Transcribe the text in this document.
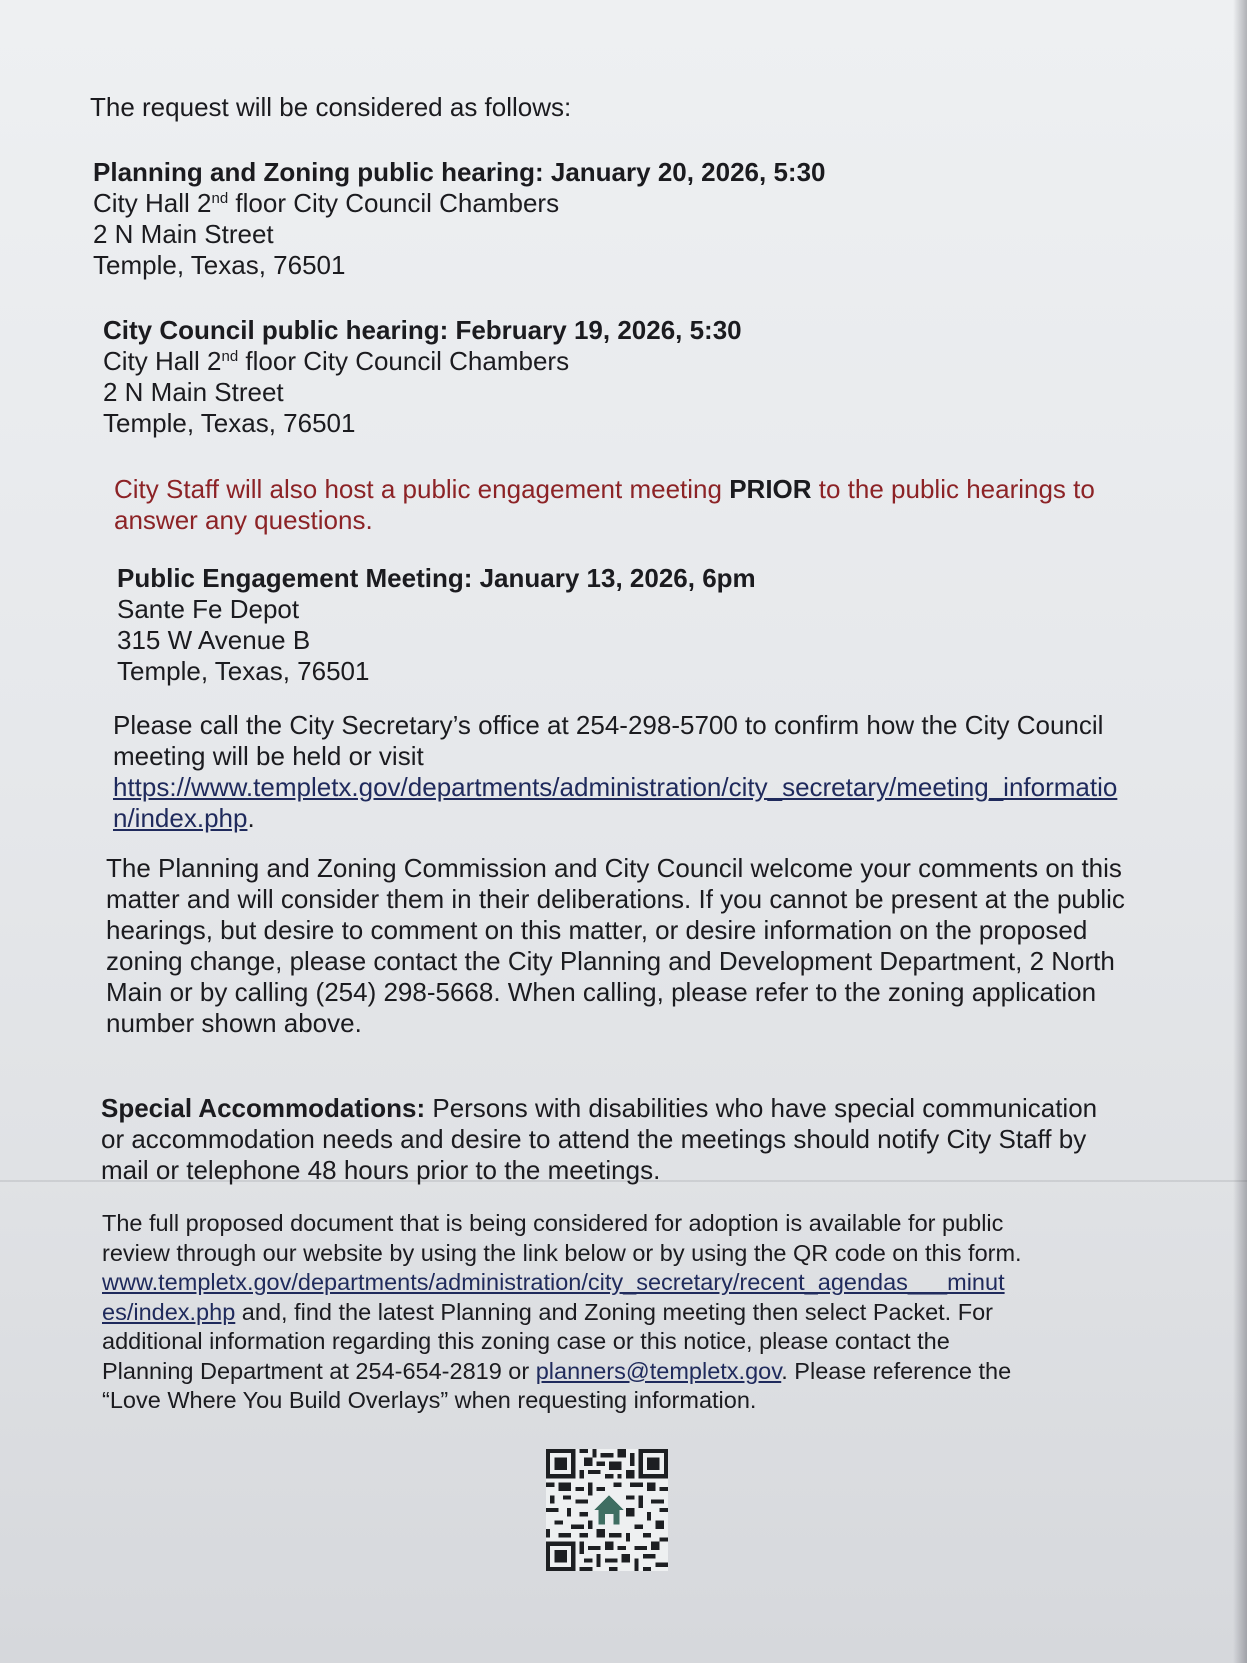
The request will be considered as follows:
Planning and Zoning public hearing: January 20, 2026, 5:30
City Hall 2nd floor City Council Chambers
2 N Main Street
Temple, Texas, 76501
City Council public hearing: February 19, 2026, 5:30
City Hall 2nd floor City Council Chambers
2 N Main Street
Temple, Texas, 76501
City Staff will also host a public engagement meeting PRIOR to the public hearings to
answer any questions.
Public Engagement Meeting: January 13, 2026, 6pm
Sante Fe Depot
315 W Avenue B
Temple, Texas, 76501
Please call the City Secretary’s office at 254-298-5700 to confirm how the City Council
meeting will be held or visit
https://www.templetx.gov/departments/administration/city_secretary/meeting_informatio
n/index.php.
The Planning and Zoning Commission and City Council welcome your comments on this
matter and will consider them in their deliberations. If you cannot be present at the public
hearings, but desire to comment on this matter, or desire information on the proposed
zoning change, please contact the City Planning and Development Department, 2 North
Main or by calling (254) 298-5668. When calling, please refer to the zoning application
number shown above.
Special Accommodations: Persons with disabilities who have special communication
or accommodation needs and desire to attend the meetings should notify City Staff by
mail or telephone 48 hours prior to the meetings.
The full proposed document that is being considered for adoption is available for public
review through our website by using the link below or by using the QR code on this form.
www.templetx.gov/departments/administration/city_secretary/recent_agendas___minut
es/index.php and, find the latest Planning and Zoning meeting then select Packet. For
additional information regarding this zoning case or this notice, please contact the
Planning Department at 254-654-2819 or planners@templetx.gov. Please reference the
“Love Where You Build Overlays” when requesting information.
